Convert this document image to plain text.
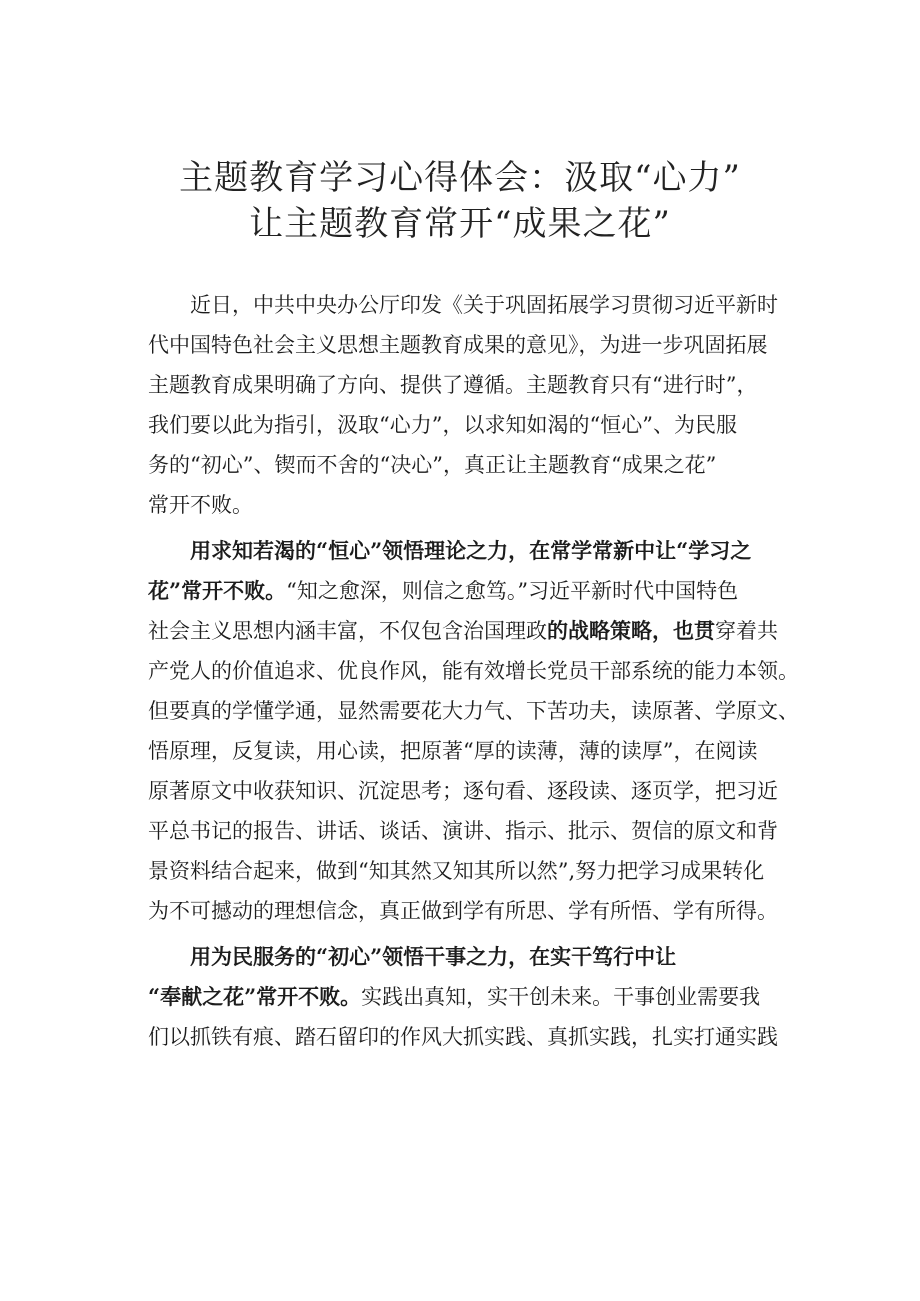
主题教育学习心得体会：汲取“心力”
让主题教育常开“成果之花”
近日，中共中央办公厅印发《关于巩固拓展学习贯彻习近平新时
代中国特色社会主义思想主题教育成果的意见》，为进一步巩固拓展
主题教育成果明确了方向、提供了遵循。主题教育只有“进行时”，
我们要以此为指引，汲取“心力”，以求知如渴的“恒心”、为民服
务的“初心”、锲而不舍的“决心”，真正让主题教育“成果之花”
常开不败。
用求知若渴的“恒心”领悟理论之力，在常学常新中让“学习之
花”常开不败。“知之愈深，则信之愈笃。”习近平新时代中国特色
社会主义思想内涵丰富，不仅包含治国理政的战略策略，也贯穿着共
产党人的价值追求、优良作风，能有效增长党员干部系统的能力本领。
但要真的学懂学通，显然需要花大力气、下苦功夫，读原著、学原文、
悟原理，反复读，用心读，把原著“厚的读薄，薄的读厚”，在阅读
原著原文中收获知识、沉淀思考；逐句看、逐段读、逐页学，把习近
平总书记的报告、讲话、谈话、演讲、指示、批示、贺信的原文和背
景资料结合起来，做到“知其然又知其所以然”,努力把学习成果转化
为不可撼动的理想信念，真正做到学有所思、学有所悟、学有所得。
用为民服务的“初心”领悟干事之力，在实干笃行中让
“奉献之花”常开不败。实践出真知，实干创未来。干事创业需要我
们以抓铁有痕、踏石留印的作风大抓实践、真抓实践，扎实打通实践
